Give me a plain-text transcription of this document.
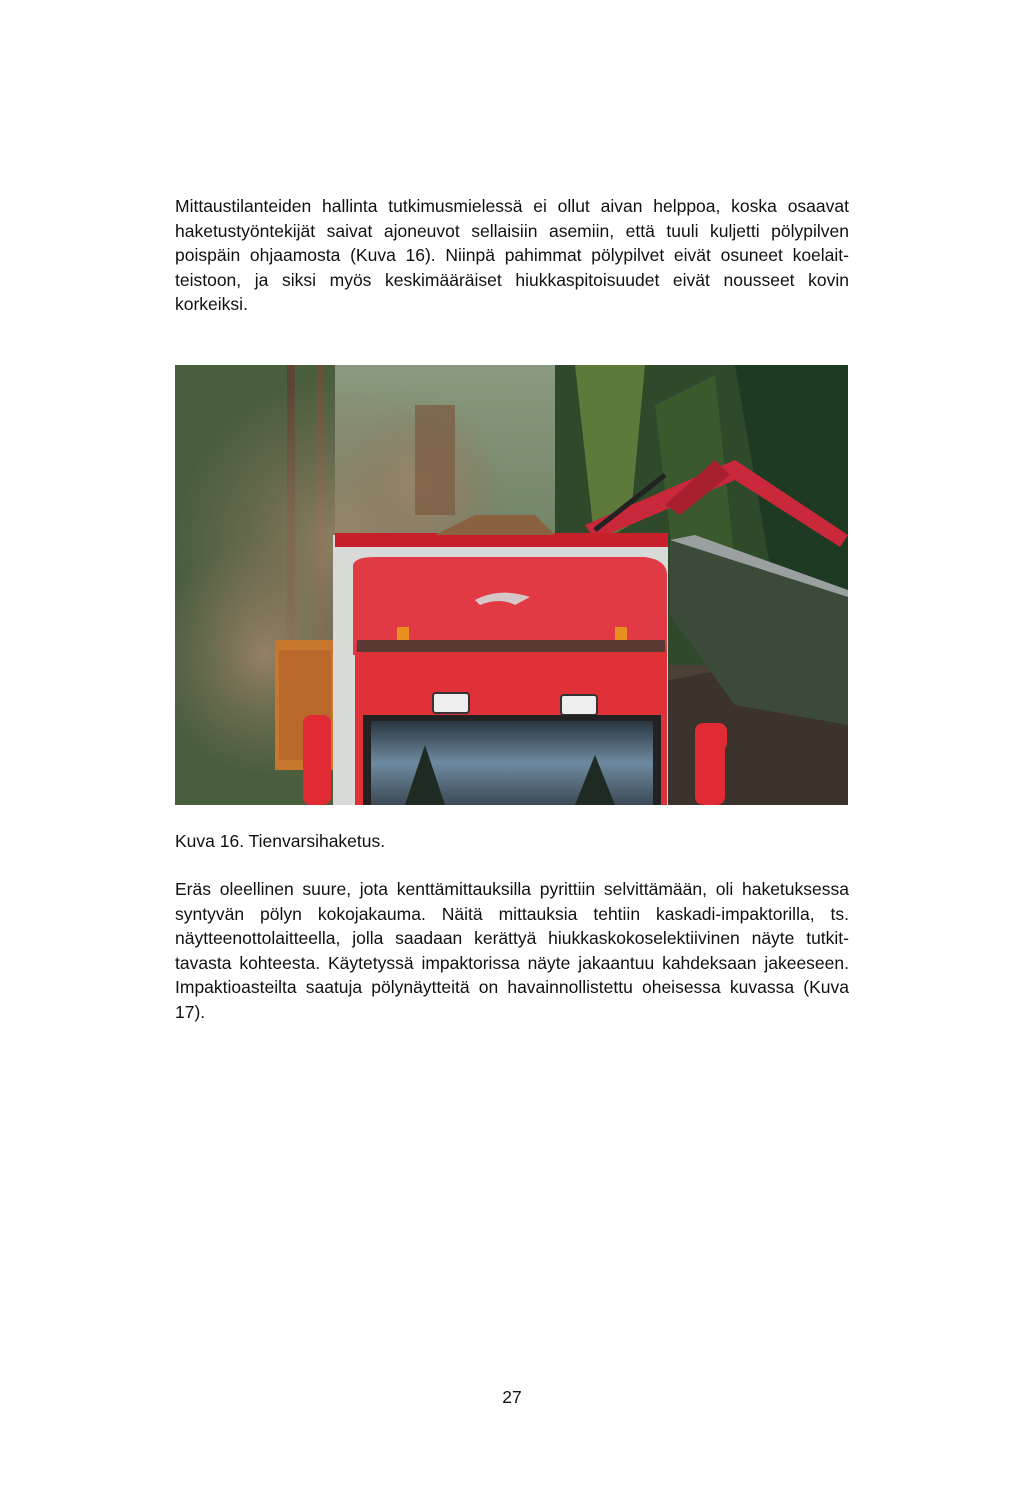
Mittaustilanteiden hallinta tutkimusmielessä ei ollut aivan helppoa, koska osaavat haketustyöntekijät saivat ajoneuvot sellaisiin asemiin, että tuuli kuljetti pölypilven poispäin ohjaamosta (Kuva 16). Niinpä pahimmat pölypilvet eivät osuneet koelaitteistoon, ja siksi myös keskimääräiset hiukkaspitoisuudet eivät nousseet kovin korkeiksi.

Kuva 16. Tienvarsihaketus.

Eräs oleellinen suure, jota kenttämittauksilla pyrittiin selvittämään, oli haketuksessa syntyvän pölyn kokojakauma. Näitä mittauksia tehtiin kaskadi-impaktorilla, ts. näytteenottolaitteella, jolla saadaan kerättyä hiukkaskokoselektiivinen näyte tutkittavasta kohteesta. Käytetyssä impaktorissa näyte jakaantuu kahdeksaan jakeeseen. Impaktioasteilta saatuja pölynäytteitä on havainnollistettu oheisessa kuvassa (Kuva 17).

27
